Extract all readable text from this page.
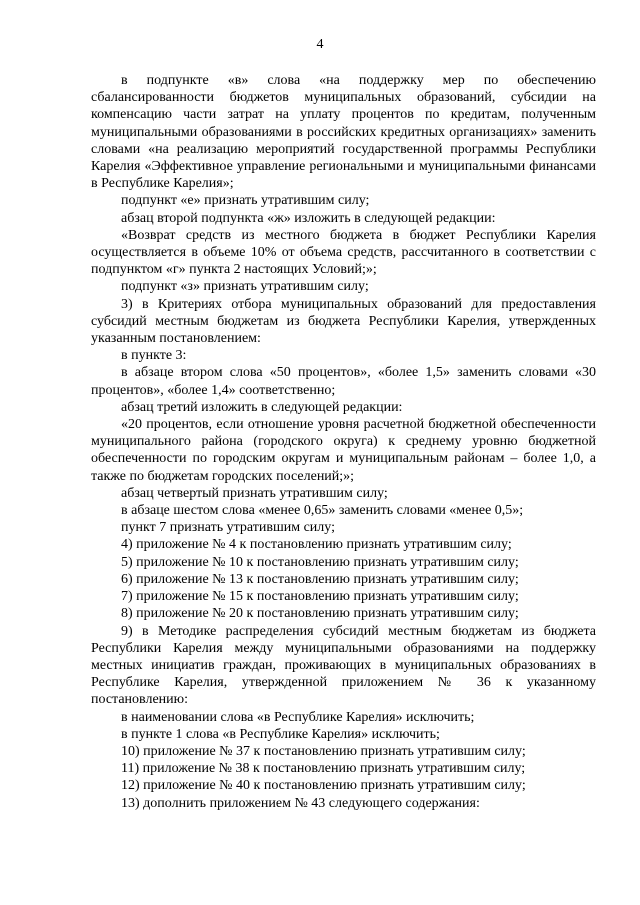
4

в подпункте «в» слова «на поддержку мер по обеспечению сбалансированности бюджетов муниципальных образований, субсидии на компенсацию части затрат на уплату процентов по кредитам, полученным муниципальными образованиями в российских кредитных организациях» заменить словами «на реализацию мероприятий государственной программы Республики Карелия «Эффективное управление региональными и муниципальными финансами в Республике Карелия»;

подпункт «е» признать утратившим силу;

абзац второй подпункта «ж» изложить в следующей редакции:

«Возврат средств из местного бюджета в бюджет Республики Карелия осуществляется в объеме 10% от объема средств, рассчитанного в соответствии с подпунктом «г» пункта 2 настоящих Условий;»;

подпункт «з» признать утратившим силу;

3) в Критериях отбора муниципальных образований для предоставления субсидий местным бюджетам из бюджета Республики Карелия, утвержденных указанным постановлением:

в пункте 3:

в абзаце втором слова «50 процентов», «более 1,5» заменить словами «30 процентов», «более 1,4» соответственно;

абзац третий изложить в следующей редакции:

«20 процентов, если отношение уровня расчетной бюджетной обеспеченности муниципального района (городского округа) к среднему уровню бюджетной обеспеченности по городским округам и муниципальным районам – более 1,0, а также по бюджетам городских поселений;»;

абзац четвертый признать утратившим силу;

в абзаце шестом слова «менее 0,65» заменить словами «менее 0,5»;

пункт 7 признать утратившим силу;

4) приложение № 4 к постановлению признать утратившим силу;

5) приложение № 10 к постановлению признать утратившим силу;

6) приложение № 13 к постановлению признать утратившим силу;

7) приложение № 15 к постановлению признать утратившим силу;

8) приложение № 20 к постановлению признать утратившим силу;

9) в Методике распределения субсидий местным бюджетам из бюджета Республики Карелия между муниципальными образованиями на поддержку местных инициатив граждан, проживающих в муниципальных образованиях в Республике Карелия, утвержденной приложением № 36 к указанному постановлению:

в наименовании слова «в Республике Карелия» исключить;

в пункте 1 слова «в Республике Карелия» исключить;

10) приложение № 37 к постановлению признать утратившим силу;

11) приложение № 38 к постановлению признать утратившим силу;

12) приложение № 40 к постановлению признать утратившим силу;

13) дополнить приложением № 43 следующего содержания:
